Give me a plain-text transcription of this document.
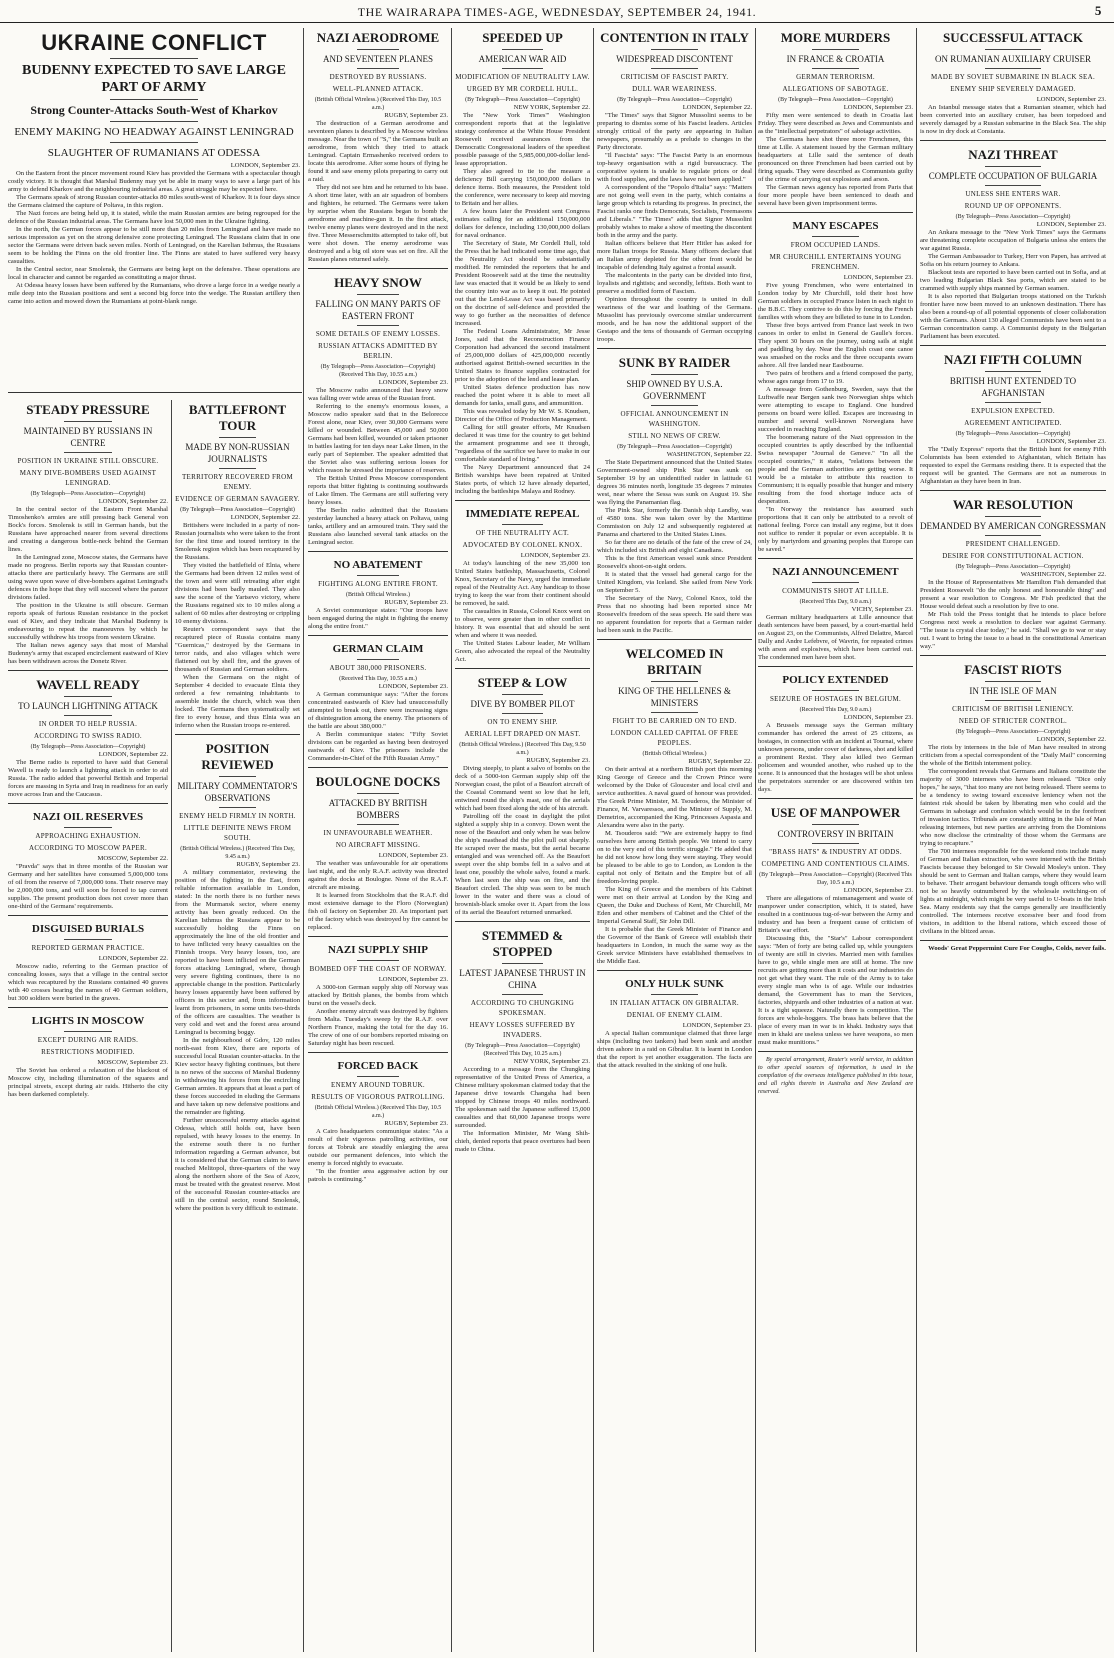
THE WAIRARAPA TIMES-AGE, WEDNESDAY, SEPTEMBER 24, 1941.	5
UKRAINE CONFLICT
BUDENNY EXPECTED TO SAVE LARGE PART OF ARMY
Strong Counter-Attacks South-West of Kharkov
ENEMY MAKING NO HEADWAY AGAINST LENINGRAD
SLAUGHTER OF RUMANIANS AT ODESSA

LONDON, September 23.

On the Eastern front the pincer movement round Kiev has provided the Germans with a spectacular though costly victory. It is thought that Marshal Budenny may yet be able in many ways to save a large part of his army to defend Kharkov and the neighbouring industrial areas. A great struggle may be expected here.

The Germans speak of strong Russian counter-attacks 80 miles south-west of Kharkov. It is four days since the Germans claimed the capture of Poltava, in this region.

The Nazi forces are being held up, it is stated, while the main Russian armies are being regrouped for the defence of the Russian industrial areas. The Germans have lost 50,000 men in the Ukraine fighting.

In the north, the German forces appear to be still more than 20 miles from Leningrad and have made no serious impression as yet on the strong defensive zone protecting Leningrad. The Russians claim that in one sector the Germans were driven back seven miles. North of Leningrad, on the Karelian Isthmus, the Russians seem to be holding the Finns on the old frontier line. The Finns are stated to have suffered very heavy casualties.

In the Central sector, near Smolensk, the Germans are being kept on the defensive. These operations are local in character and cannot be regarded as constituting a major thrust.

At Odessa heavy losses have been suffered by the Rumanians, who drove a large force in a wedge nearly a mile deep into the Russian positions and sent a second big force into the wedge. The Russian artillery then came into action and mowed down the Rumanians at point-blank range.

STEADY PRESSURE
MAINTAINED BY RUSSIANS IN CENTRE
POSITION IN UKRAINE STILL OBSCURE.
MANY DIVE-BOMBERS USED AGAINST LENINGRAD.

(By Telegraph—Press Association—Copyright)

LONDON, September 22.

In the central sector of the Eastern Front Marshal Timoshenko's armies are still pressing back General von Bock's forces. Smolensk is still in German hands, but the Russians have approached nearer from several directions and creating a dangerous bottle-neck behind the German lines.

In the Leningrad zone, Moscow states, the Germans have made no progress. Berlin reports say that Russian counter-attacks there are particularly heavy. The Germans are still using wave upon wave of dive-bombers against Leningrad's defences in the hope that they will succeed where the panzer divisions failed.

The position in the Ukraine is still obscure. German reports speak of furious Russian resistance in the pocket east of Kiev, and they indicate that Marshal Budenny is endeavouring to repeat the manoeuvres by which he successfully withdrew his troops from western Ukraine.

The Italian news agency says that most of Marshal Budenny's army that escaped encirclement eastward of Kiev has been withdrawn across the Donetz River.

WAVELL READY
TO LAUNCH LIGHTNING ATTACK
IN ORDER TO HELP RUSSIA.
ACCORDING TO SWISS RADIO.

(By Telegraph—Press Association—Copyright)

LONDON, September 22.

The Berne radio is reported to have said that General Wavell is ready to launch a lightning attack in order to aid Russia. The radio added that powerful British and Imperial forces are massing in Syria and Iraq in readiness for an early move across Iran and the Caucasus.

NAZI OIL RESERVES
APPROACHING EXHAUSTION.
ACCORDING TO MOSCOW PAPER.

MOSCOW, September 22.

"Pravda" says that in three months of the Russian war Germany and her satellites have consumed 5,000,000 tons of oil from the reserve of 7,000,000 tons. Their reserve may be 2,000,000 tons, and will soon be forced to tap current supplies. The present production does not cover more than one-third of the Germans' requirements.

DISGUISED BURIALS
REPORTED GERMAN PRACTICE.

LONDON, September 22.

Moscow radio, referring to the German practice of concealing losses, says that a village in the central sector which was recaptured by the Russians contained 40 graves with 40 crosses bearing the names of 40 German soldiers, but 300 soldiers were buried in the graves.

LIGHTS IN MOSCOW
EXCEPT DURING AIR RAIDS.
RESTRICTIONS MODIFIED.

MOSCOW, September 23.

The Soviet has ordered a relaxation of the blackout of Moscow city, including illumination of the squares and principal streets, except during air raids. Hitherto the city has been darkened completely.

BATTLEFRONT TOUR
MADE BY NON-RUSSIAN JOURNALISTS
TERRITORY RECOVERED FROM ENEMY.
EVIDENCE OF GERMAN SAVAGERY.

(By Telegraph—Press Association—Copyright)

LONDON, September 22.

Britishers were included in a party of non-Russian journalists who were taken to the front for the first time and toured territory in the Smolensk region which has been recaptured by the Russians.

They visited the battlefield of Elnia, where the Germans had been driven 12 miles west of the town and were still retreating after eight divisions had been badly mauled. They also saw the scene of the Yartsevo victory, where the Russians regained six to 10 miles along a salient of 60 miles after destroying or crippling 10 enemy divisions.

Reuter's correspondent says that the recaptured piece of Russia contains many "Guernicas," destroyed by the Germans in terror raids, and also villages which were flattened out by shell fire, and the graves of thousands of Russian and German soldiers.

When the Germans on the night of September 4 decided to evacuate Elnia they ordered a few remaining inhabitants to assemble inside the church, which was then locked. The Germans then systematically set fire to every house, and thus Elnia was an inferno when the Russian troops re-entered.

POSITION REVIEWED
MILITARY COMMENTATOR'S OBSERVATIONS
ENEMY HELD FIRMLY IN NORTH.
LITTLE DEFINITE NEWS FROM SOUTH.

(British Official Wireless.) (Received This Day, 9.45 a.m.)

RUGBY, September 23.

A military commentator, reviewing the position of the fighting in the East, from reliable information available in London, stated: In the north there is no further news from the Murmansk sector, where enemy activity has been greatly reduced. On the Karelian Isthmus the Russians appear to be successfully holding the Finns on approximately the line of the old frontier and to have inflicted very heavy casualties on the Finnish troops. Very heavy losses, too, are reported to have been inflicted on the German forces attacking Leningrad, where, though very severe fighting continues, there is no appreciable change in the position. Particularly heavy losses apparently have been suffered by officers in this sector and, from information learnt from prisoners, in some units two-thirds of the officers are casualties. The weather is very cold and wet and the forest area around Leningrad is becoming boggy.

In the neighbourhood of Gdov, 120 miles north-east from Kiev, there are reports of successful local Russian counter-attacks. In the Kiev sector heavy fighting continues, but there is no news of the success of Marshal Budenny in withdrawing his forces from the encircling German armies. It appears that at least a part of these forces succeeded in eluding the Germans and have taken up new defensive positions and the remainder are fighting.

Further unsuccessful enemy attacks against Odessa, which still holds out, have been repulsed, with heavy losses to the enemy. In the extreme south there is no further information regarding a German advance, but it is considered that the German claim to have reached Melitopol, three-quarters of the way along the northern shore of the Sea of Azov, must be treated with the greatest reserve. Most of the successful Russian counter-attacks are still in the central sector, round Smolensk, where the position is very difficult to estimate.

NAZI AERODROME
AND SEVENTEEN PLANES
DESTROYED BY RUSSIANS.
WELL-PLANNED ATTACK.

(British Official Wireless.) (Received This Day, 10.5 a.m.)

RUGBY, September 23.

The destruction of a German aerodrome and seventeen planes is described by a Moscow wireless message. Near the town of "S," the Germans built an aerodrome, from which they tried to attack Leningrad. Captain Ermashenko received orders to locate this aerodrome. After some hours of flying he found it and saw enemy pilots preparing to carry out a raid.

They did not see him and he returned to his base. A short time later, with an air squadron of bombers and fighters, he returned. The Germans were taken by surprise when the Russians began to bomb the aerodrome and machine-gun it. In the first attack, twelve enemy planes were destroyed and in the next five. Three Messerschmitts attempted to take off, but were shot down. The enemy aerodrome was destroyed and a big oil store was set on fire. All the Russian planes returned safely.

HEAVY SNOW
FALLING ON MANY PARTS OF EASTERN FRONT
SOME DETAILS OF ENEMY LOSSES.
RUSSIAN ATTACKS ADMITTED BY BERLIN.

(By Telegraph—Press Association—Copyright) (Received This Day, 10.55 a.m.)

LONDON, September 23.

The Moscow radio announced that heavy snow was falling over wide areas of the Russian front.

Referring to the enemy's enormous losses, a Moscow radio speaker said that in the Belorecce Forest alone, near Kiev, over 30,000 Germans were killed or wounded. Between 45,000 and 50,000 Germans had been killed, wounded or taken prisoner in battles lasting for ten days near Lake Ilmen, in the early part of September. The speaker admitted that the Soviet also was suffering serious losses for which reason he stressed the importance of reserves.

The British United Press Moscow correspondent reports that bitter fighting is continuing southwards of Lake Ilmen. The Germans are still suffering very heavy losses.

The Berlin radio admitted that the Russians yesterday launched a heavy attack on Poltava, using tanks, artillery and an armoured train. They said the Russians also launched several tank attacks on the Leningrad sector.

NO ABATEMENT
FIGHTING ALONG ENTIRE FRONT.

(British Official Wireless.)

RUGBY, September 23.

A Soviet communique states: "Our troops have been engaged during the night in fighting the enemy along the entire front."

GERMAN CLAIM
ABOUT 380,000 PRISONERS.

(Received This Day, 10.55 a.m.)

LONDON, September 23.

A German communique says: "After the forces concentrated eastwards of Kiev had unsuccessfully attempted to break out, there were increasing signs of disintegration among the enemy. The prisoners of the battle are about 380,000."

A Berlin communique states: "Fifty Soviet divisions can be regarded as having been destroyed eastwards of Kiev. The prisoners include the Commander-in-Chief of the Fifth Russian Army."

BOULOGNE DOCKS
ATTACKED BY BRITISH BOMBERS
IN UNFAVOURABLE WEATHER.
NO AIRCRAFT MISSING.

LONDON, September 23.

The weather was unfavourable for air operations last night, and the only R.A.F. activity was directed against the docks at Boulogne. None of the R.A.F. aircraft are missing.

It is learned from Stockholm that the R.A.F. did most extensive damage to the Floro (Norwegian) fish oil factory on September 20. An important part of the factory which was destroyed by fire cannot be replaced.

NAZI SUPPLY SHIP
BOMBED OFF THE COAST OF NORWAY.

LONDON, September 23.

A 3000-ton German supply ship off Norway was attacked by British planes, the bombs from which burst on the vessel's deck.

Another enemy aircraft was destroyed by fighters from Malta. Tuesday's sweep by the R.A.F. over Northern France, making the total for the day 16. The crew of one of our bombers reported missing on Saturday night has been rescued.

FORCED BACK
ENEMY AROUND TOBRUK.
RESULTS OF VIGOROUS PATROLLING.

(British Official Wireless.) (Received This Day, 10.5 a.m.)

RUGBY, September 23.

A Cairo headquarters communique states: "As a result of their vigorous patrolling activities, our forces at Tobruk are steadily enlarging the area outside our permanent defences, into which the enemy is forced nightly to evacuate.

"In the frontier area aggressive action by our patrols is continuing."

SPEEDED UP
AMERICAN WAR AID
MODIFICATION OF NEUTRALITY LAW.
URGED BY MR CORDELL HULL.

(By Telegraph—Press Association—Copyright)

NEW YORK, September 22.

The "New York Times'" Washington correspondent reports that at the legislative strategy conference at the White House President Roosevelt received assurances from the Democratic Congressional leaders of the speediest possible passage of the 5,985,000,000-dollar lend-lease appropriation.

They also agreed to tie to the measure a deficiency Bill carrying 150,000,000 dollars in defence items. Both measures, the President told the conference, were necessary to keep aid moving to Britain and her allies.

A few hours later the President sent Congress estimates calling for an additional 150,000,000 dollars for defence, including 130,000,000 dollars for naval ordnance.

The Secretary of State, Mr Cordell Hull, told the Press that he had indicated some time ago, that the Neutrality Act should be substantially modified. He reminded the reporters that he and President Roosevelt said at the time the neutrality law was enacted that it would be as likely to send the country into war as to keep it out. He pointed out that the Lend-Lease Act was based primarily on the doctrine of self-defence and provided the way to go further as the necessities of defence increased.

The Federal Loans Administrator, Mr Jesse Jones, said that the Reconstruction Finance Corporation had advanced the second instalment of 25,000,000 dollars of 425,000,000 recently authorised against British-owned securities in the United States to finance supplies contracted for prior to the adoption of the lend and lease plan.

United States defence production has now reached the point where it is able to meet all demands for tanks, small guns, and ammunition.

This was revealed today by Mr W. S. Knudsen, Director of the Office of Production Management.

Calling for still greater efforts, Mr Knudsen declared it was time for the country to get behind the armament programme and see it through, "regardless of the sacrifice we have to make in our comfortable standard of living."

The Navy Department announced that 24 British warships have been repaired at United States ports, of which 12 have already departed, including the battleships Malaya and Rodney.

IMMEDIATE REPEAL
OF THE NEUTRALITY ACT.
ADVOCATED BY COLONEL KNOX.

LONDON, September 23.

At today's launching of the new 35,000 ton United States battleship, Massachusetts, Colonel Knox, Secretary of the Navy, urged the immediate repeal of the Neutrality Act. Any handicap to those trying to keep the war from their continent should be removed, he said.

The casualties in Russia, Colonel Knox went on to observe, were greater than in other conflict in history. It was essential that aid should be sent when and where it was needed.

The United States Labour leader, Mr William Green, also advocated the repeal of the Neutrality Act.

STEEP & LOW
DIVE BY BOMBER PILOT
ON TO ENEMY SHIP.
AERIAL LEFT DRAPED ON MAST.

(British Official Wireless.) (Received This Day, 9.50 a.m.)

RUGBY, September 23.

Diving steeply, to plant a salvo of bombs on the deck of a 5000-ton German supply ship off the Norwegian coast, the pilot of a Beaufort aircraft of the Coastal Command went so low that he left, entwined round the ship's mast, one of the aerials which had been fixed along the side of his aircraft.

Patrolling off the coast in daylight the pilot sighted a supply ship in a convoy. Down went the nose of the Beaufort and only when he was below the ship's masthead did the pilot pull out sharply. He scraped over the masts, but the aerial became entangled and was wrenched off. As the Beaufort swept over the ship bombs fell in a salvo and at least one, possibly the whole salvo, found a mark. When last seen the ship was on fire, and the Beaufort circled. The ship was seen to be much lower in the water and there was a cloud of brownish-black smoke over it. Apart from the loss of its aerial the Beaufort returned unmarked.

STEMMED & STOPPED
LATEST JAPANESE THRUST IN CHINA
ACCORDING TO CHUNGKING SPOKESMAN.
HEAVY LOSSES SUFFERED BY INVADERS.

(By Telegraph—Press Association—Copyright) (Received This Day, 10.25 a.m.)

NEW YORK, September 23.

According to a message from the Chungking representative of the United Press of America, a Chinese military spokesman claimed today that the Japanese drive towards Changsha had been stopped by Chinese troops 40 miles northward. The spokesman said the Japanese suffered 15,000 casualties and that 60,000 Japanese troops were surrounded.

The Information Minister, Mr Wang Shih-chieh, denied reports that peace overtures had been made to China.

CONTENTION IN ITALY
WIDESPREAD DISCONTENT
CRITICISM OF FASCIST PARTY.
DULL WAR WEARINESS.

(By Telegraph—Press Association—Copyright)

LONDON, September 22.

"The Times" says that Signor Mussolini seems to be preparing to dismiss some of his Fascist leaders. Articles strongly critical of the party are appearing in Italian newspapers, presumably as a prelude to changes in the Party directorate.

"Il Fascista" says: "The Fascist Party is an enormous top-heavy organisation with a rigid bureaucracy. The corporative system is unable to regulate prices or deal with food supplies, and the laws have not been applied."

A correspondent of the "Popolo d'Italia" says: "Matters are not going well even in the party, which contains a large group which is retarding its progress. In precinct, the Fascist ranks one finds Democrats, Socialists, Freemasons and Liberals." "The Times" adds that Signor Mussolini probably wishes to make a show of meeting the discontent both in the army and the party.

Italian officers believe that Herr Hitler has asked for more Italian troops for Russia. Many officers declare that an Italian army depleted for the other front would be incapable of defending Italy against a frontal assault.

The malcontents in the party can be divided into first, loyalists and rightists; and secondly, leftists. Both want to preserve a modified form of Fascism.

Opinion throughout the country is united in dull weariness of the war and loathing of the Germans. Mussolini has previously overcome similar undercurrent moods, and he has now the additional support of the Gestapo and the tens of thousands of German occupying troops.

SUNK BY RAIDER
SHIP OWNED BY U.S.A. GOVERNMENT
OFFICIAL ANNOUNCEMENT IN WASHINGTON.
STILL NO NEWS OF CREW.

(By Telegraph—Press Association—Copyright)

WASHINGTON, September 22.

The State Department announced that the United States Government-owned ship Pink Star was sunk on September 19 by an unidentified raider in latitude 61 degrees 36 minutes north, longitude 35 degrees 7 minutes west, near where the Sessa was sunk on August 19. She was flying the Panamanian flag.

The Pink Star, formerly the Danish ship Landby, was of 4580 tons. She was taken over by the Maritime Commission on July 12 and subsequently registered at Panama and chartered to the United States Lines.

So far there are no details of the fate of the crew of 24, which included six British and eight Canadians.

This is the first American vessel sunk since President Roosevelt's shoot-on-sight orders.

It is stated that the vessel had general cargo for the United Kingdom, via Iceland. She sailed from New York on September 5.

The Secretary of the Navy, Colonel Knox, told the Press that no shooting had been reported since Mr Roosevelt's freedom of the seas speech. He said there was no apparent foundation for reports that a German raider had been sunk in the Pacific.

WELCOMED IN BRITAIN
KING OF THE HELLENES & MINISTERS
FIGHT TO BE CARRIED ON TO END.
LONDON CALLED CAPITAL OF FREE PEOPLES.

(British Official Wireless.)

RUGBY, September 22.

On their arrival at a northern British port this morning King George of Greece and the Crown Prince were welcomed by the Duke of Gloucester and local civil and service authorities. A naval guard of honour was provided. The Greek Prime Minister, M. Tsouderos, the Minister of Finance, M. Varvaressos, and the Minister of Supply, M. Demetrios, accompanied the King. Princesses Aspasia and Alexandra were also in the party.

M. Tsouderos said: "We are extremely happy to find ourselves here among British people. We intend to carry on to the very end of this terrific struggle." He added that he did not know how long they were staying. They would be pleased to be able to go to London, as London is the capital not only of Britain and the Empire but of all freedom-loving people.

The King of Greece and the members of his Cabinet were met on their arrival at London by the King and Queen, the Duke and Duchess of Kent, Mr Churchill, Mr Eden and other members of Cabinet and the Chief of the Imperial General Staff, Sir John Dill.

It is probable that the Greek Minister of Finance and the Governor of the Bank of Greece will establish their headquarters in London, in much the same way as the Greek service Ministers have established themselves in the Middle East.

ONLY HULK SUNK
IN ITALIAN ATTACK ON GIBRALTAR.
DENIAL OF ENEMY CLAIM.

LONDON, September 23.

A special Italian communique claimed that three large ships (including two tankers) had been sunk and another driven ashore in a raid on Gibraltar. It is learnt in London that the report is yet another exaggeration. The facts are that the attack resulted in the sinking of one hulk.

MORE MURDERS
IN FRANCE & CROATIA
GERMAN TERRORISM.
ALLEGATIONS OF SABOTAGE.

(By Telegraph—Press Association—Copyright)

LONDON, September 23.

Fifty men were sentenced to death in Croatia last Friday. They were described as Jews and Communists and as the "intellectual perpetrators" of sabotage activities.

The Germans have shot three more Frenchmen, this time at Lille. A statement issued by the German military headquarters at Lille said the sentence of death pronounced on three Frenchmen had been carried out by firing squads. They were described as Communists guilty of the crime of carrying out explosions and arson.

The German news agency has reported from Paris that four more people have been sentenced to death and several have been given imprisonment terms.

MANY ESCAPES
FROM OCCUPIED LANDS.
MR CHURCHILL ENTERTAINS YOUNG FRENCHMEN.

LONDON, September 23.

Five young Frenchmen, who were entertained in London today by Mr Churchill, told their host how German soldiers in occupied France listen in each night to the B.B.C. They contrive to do this by forcing the French families with whom they are billeted to tune in to London.

These five boys arrived from France last week in two canoes in order to enlist in General de Gaulle's forces. They spent 30 hours on the journey, using sails at night and paddling by day. Near the English coast one canoe was smashed on the rocks and the three occupants swam ashore. All five landed near Eastbourne.

Two pairs of brothers and a friend composed the party, whose ages range from 17 to 19.

A message from Gothenburg, Sweden, says that the Luftwaffe near Bergen sank two Norwegian ships which were attempting to escape to England. One hundred persons on board were killed. Escapes are increasing in number and several well-known Norwegians have succeeded in reaching England.

The boomerang nature of the Nazi oppression in the occupied countries is aptly described by the influential Swiss newspaper "Journal de Geneve." "In all the occupied countries," it states, "relations between the people and the German authorities are getting worse. It would be a mistake to attribute this reaction to Communism; it is equally possible that hunger and misery resulting from the food shortage induce acts of desperation.

"In Norway the resistance has assumed such proportions that it can only be attributed to a revolt of national feeling. Force can install any regime, but it does not suffice to render it popular or even acceptable. It is only by martyrdom and groaning peoples that Europe can be saved."

NAZI ANNOUNCEMENT
COMMUNISTS SHOT AT LILLE.

(Received This Day, 9.0 a.m.)

VICHY, September 23.

German military headquarters at Lille announce that death sentences have been passed, by a court-martial held on August 23, on the Communists, Alfred Delattre, Marcel Dally and Andre Lefebvre, of Wavrin, for repeated crimes with arson and explosives, which have been carried out. The condemned men have been shot.

POLICY EXTENDED
SEIZURE OF HOSTAGES IN BELGIUM.

(Received This Day, 9.0 a.m.)

LONDON, September 23.

A Brussels message says the German military commander has ordered the arrest of 25 citizens, as hostages, in connection with an incident at Tournai, where unknown persons, under cover of darkness, shot and killed a prominent Rexist. They also killed two German policemen and wounded another, who rushed up to the scene. It is announced that the hostages will be shot unless the perpetrators surrender or are discovered within ten days.

USE OF MANPOWER
CONTROVERSY IN BRITAIN
"BRASS HATS" & INDUSTRY AT ODDS.
COMPETING AND CONTENTIOUS CLAIMS.

(By Telegraph—Press Association—Copyright) (Received This Day, 10.5 a.m.)

LONDON, September 23.

There are allegations of mismanagement and waste of manpower under conscription, which, it is stated, have resulted in a continuous tug-of-war between the Army and industry and has been a frequent cause of criticism of Britain's war effort.

Discussing this, the "Star's" Labour correspondent says: "Men of forty are being called up, while youngsters of twenty are still in civvies. Married men with families have to go, while single men are still at home. The raw recruits are getting more than it costs and our industries do not get what they want. The rule of the Army is to take every single man who is of age. While our industries demand, the Government has to man the Services, factories, shipyards and other industries of a nation at war. It is a tight squeeze. Naturally there is competition. The forces are whole-hoggers. The brass hats believe that the place of every man in war is in khaki. Industry says that men in khaki are useless unless we have weapons, so men must make munitions."

By special arrangement, Reuter's world service, in addition to other special sources of information, is used in the compilation of the overseas intelligence published in this issue, and all rights therein in Australia and New Zealand are reserved.

SUCCESSFUL ATTACK
ON RUMANIAN AUXILIARY CRUISER
MADE BY SOVIET SUBMARINE IN BLACK SEA.
ENEMY SHIP SEVERELY DAMAGED.

LONDON, September 23.

An Istanbul message states that a Rumanian steamer, which had been converted into an auxiliary cruiser, has been torpedoed and severely damaged by a Russian submarine in the Black Sea. The ship is now in dry dock at Constanta.

NAZI THREAT
COMPLETE OCCUPATION OF BULGARIA
UNLESS SHE ENTERS WAR.
ROUND UP OF OPPONENTS.

(By Telegraph—Press Association—Copyright)

LONDON, September 23.

An Ankara message to the "New York Times" says the Germans are threatening complete occupation of Bulgaria unless she enters the war against Russia.

The German Ambassador to Turkey, Herr von Papen, has arrived at Sofia on his return journey to Ankara.

Blackout tests are reported to have been carried out in Sofia, and at two leading Bulgarian Black Sea ports, which are stated to be crammed with supply ships manned by German seamen.

It is also reported that Bulgarian troops stationed on the Turkish frontier have now been moved to an unknown destination. There has also been a round-up of all potential opponents of closer collaboration with the Germans. About 130 alleged Communists have been sent to a German concentration camp. A Communist deputy in the Bulgarian Parliament has been executed.

NAZI FIFTH COLUMN
BRITISH HUNT EXTENDED TO AFGHANISTAN
EXPULSION EXPECTED.
AGREEMENT ANTICIPATED.

(By Telegraph—Press Association—Copyright)

LONDON, September 23.

The "Daily Express" reports that the British hunt for enemy Fifth Columnists has been extended to Afghanistan, which Britain has requested to expel the Germans residing there. It is expected that the request will be granted. The Germans are not as numerous in Afghanistan as they have been in Iran.

WAR RESOLUTION
DEMANDED BY AMERICAN CONGRESSMAN
PRESIDENT CHALLENGED.
DESIRE FOR CONSTITUTIONAL ACTION.

(By Telegraph—Press Association—Copyright)

WASHINGTON, September 22.

In the House of Representatives Mr Hamilton Fish demanded that President Roosevelt "do the only honest and honourable thing" and present a war resolution to Congress. Mr Fish predicted that the House would defeat such a resolution by five to one.

Mr Fish told the Press tonight that he intends to place before Congress next week a resolution to declare war against Germany. "The issue is crystal clear today," he said. "Shall we go to war or stay out. I want to bring the issue to a head in the constitutional American way."

FASCIST RIOTS
IN THE ISLE OF MAN
CRITICISM OF BRITISH LENIENCY.
NEED OF STRICTER CONTROL.

(By Telegraph—Press Association—Copyright)

LONDON, September 22.

The riots by internees in the Isle of Man have resulted in strong criticism from a special correspondent of the "Daily Mail" concerning the whole of the British internment policy.

The correspondent reveals that Germans and Italians constitute the majority of 3000 internees who have been released. "Dice only hopes," he says, "that too many are not being released. There seems to be a tendency to swing toward excessive leniency when not the faintest risk should be taken by liberating men who could aid the Germans in sabotage and confusion which would be in the forefront of invasion tactics. Tribunals are constantly sitting in the Isle of Man releasing internees, but new parties are arriving from the Dominions who now disclose the criminality of those whom the Germans are trying to recapture."

The 700 internees responsible for the weekend riots include many of German and Italian extraction, who were interned with the British Fascists because they belonged to Sir Oswald Mosley's union. They should be sent to German and Italian camps, where they would learn to behave. Their arrogant behaviour demands tough officers who will not be so heavily outnumbered by the wholesale switching-on of lights at midnight, which might be very useful to U-boats in the Irish Sea. Many residents say that the camps generally are insufficiently controlled. The internees receive excessive beer and food from visitors, in addition to the liberal rations, which exceed those of civilians in the blitzed areas.

Woods' Great Peppermint Cure For Coughs, Colds, never fails.
